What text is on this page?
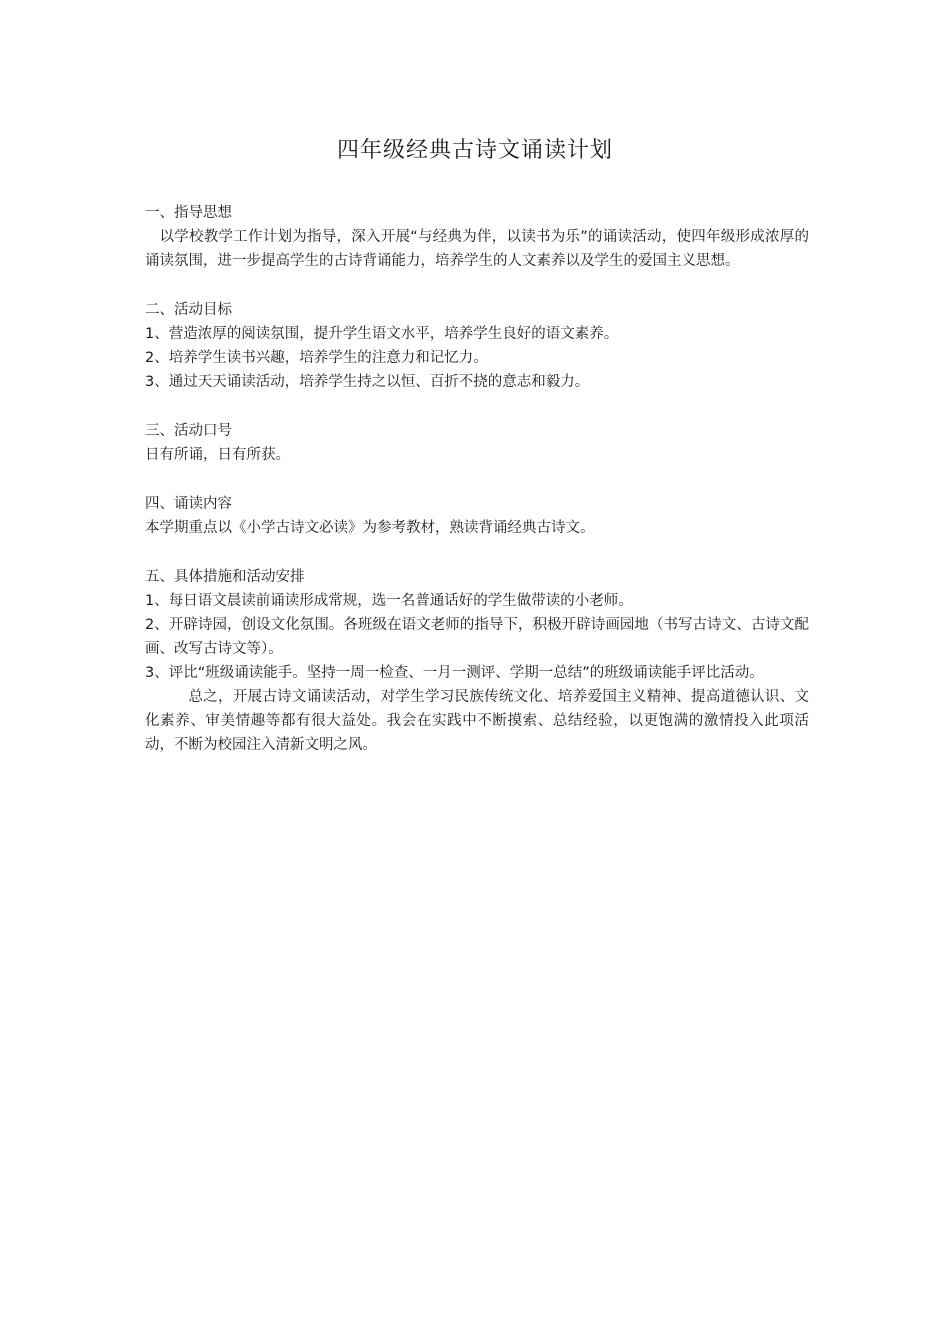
四年级经典古诗文诵读计划
一、指导思想

以学校教学工作计划为指导，深入开展“与经典为伴，以读书为乐”的诵读活动，使四年级形成浓厚的诵读氛围，进一步提高学生的古诗背诵能力，培养学生的人文素养以及学生的爱国主义思想。

二、活动目标
1、营造浓厚的阅读氛围，提升学生语文水平，培养学生良好的语文素养。
2、培养学生读书兴趣，培养学生的注意力和记忆力。
3、通过天天诵读活动，培养学生持之以恒、百折不挠的意志和毅力。
三、活动口号

日有所诵，日有所获。

四、诵读内容

本学期重点以《小学古诗文必读》为参考教材，熟读背诵经典古诗文。

五、具体措施和活动安排
1、每日语文晨读前诵读形成常规，选一名普通话好的学生做带读的小老师。
2、开辟诗园，创设文化氛围。各班级在语文老师的指导下，积极开辟诗画园地（书写古诗文、古诗文配画、改写古诗文等）。
3、评比“班级诵读能手。坚持一周一检查、一月一测评、学期一总结”的班级诵读能手评比活动。

总之，开展古诗文诵读活动，对学生学习民族传统文化、培养爱国主义精神、提高道德认识、文化素养、审美情趣等都有很大益处。我会在实践中不断摸索、总结经验，以更饱满的激情投入此项活动，不断为校园注入清新文明之风。
